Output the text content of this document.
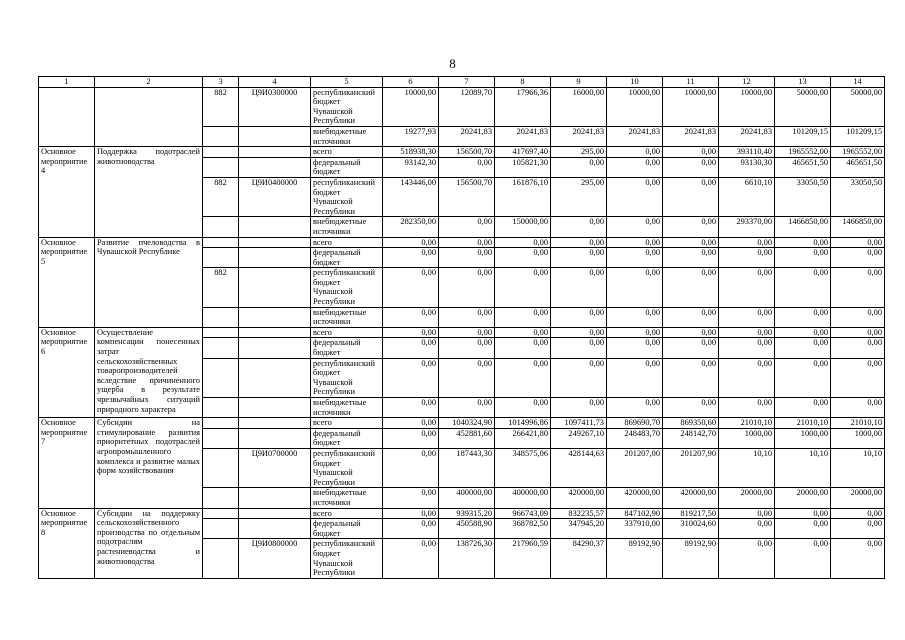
8
1	2	3	4	5	6	7	8	9	10	11	12	13	14
		882	Ц9И0300000	республиканский бюджет Чувашской Республики	10000,00	12089,70	17966,36	16000,00	10000,00	10000,00	10000,00	50000,00	50000,00
				внебюджетные источники	19277,93	20241,83	20241,83	20241,83	20241,83	20241,83	20241,83	101209,15	101209,15
Основное мероприятие 4	Поддержка подотраслей животноводства			всего	518938,30	156500,70	417697,40	295,00	0,00	0,00	393110,40	1965552,00	1965552,00
				федеральный бюджет	93142,30	0,00	105821,30	0,00	0,00	0,00	93130,30	465651,50	465651,50
		882	Ц9И0400000	республиканский бюджет Чувашской Республики	143446,00	156500,70	161876,10	295,00	0,00	0,00	6610,10	33050,50	33050,50
				внебюджетные источники	282350,00	0,00	150000,00	0,00	0,00	0,00	293370,00	1466850,00	1466850,00
Основное мероприятие 5	Развитие пчеловодства в Чувашской Республике			всего	0,00	0,00	0,00	0,00	0,00	0,00	0,00	0,00	0,00
				федеральный бюджет	0,00	0,00	0,00	0,00	0,00	0,00	0,00	0,00	0,00
		882		республиканский бюджет Чувашской Республики	0,00	0,00	0,00	0,00	0,00	0,00	0,00	0,00	0,00
				внебюджетные источники	0,00	0,00	0,00	0,00	0,00	0,00	0,00	0,00	0,00
Основное мероприятие 6	Осуществление компенсации понесенных затрат сельскохозяйственных товаропроизводителей вследствие причиненного ущерба в результате чрезвычайных ситуаций природного характера			всего	0,00	0,00	0,00	0,00	0,00	0,00	0,00	0,00	0,00
				федеральный бюджет	0,00	0,00	0,00	0,00	0,00	0,00	0,00	0,00	0,00
				республиканский бюджет Чувашской Республики	0,00	0,00	0,00	0,00	0,00	0,00	0,00	0,00	0,00
				внебюджетные источники	0,00	0,00	0,00	0,00	0,00	0,00	0,00	0,00	0,00
Основное мероприятие 7	Субсидии на стимулирование развития приоритетных подотраслей агропромышленного комплекса и развитие малых форм хозяйствования			всего	0,00	1040324,90	1014996,86	1097411,73	869690,70	869350,60	21010,10	21010,10	21010,10
				федеральный бюджет	0,00	452881,60	266421,80	249267,10	248483,70	248142,70	1000,00	1000,00	1000,00
			Ц9И0700000	республиканский бюджет Чувашской Республики	0,00	187443,30	348575,06	428144,63	201207,00	201207,90	10,10	10,10	10,10
				внебюджетные источники	0,00	400000,00	400000,00	420000,00	420000,00	420000,00	20000,00	20000,00	20000,00
Основное мероприятие 8	Субсидии на поддержку сельскохозяйственного производства по отдельным подотраслям растениеводства и животноводства			всего	0,00	939315,20	966743,09	832235,57	847102,90	819217,50	0,00	0,00	0,00
				федеральный бюджет	0,00	450588,90	368782,50	347945,20	337910,00	310024,60	0,00	0,00	0,00
			Ц9И0800000	республиканский бюджет Чувашской Республики	0,00	138726,30	217960,59	84290,37	89192,90	89192,90	0,00	0,00	0,00
